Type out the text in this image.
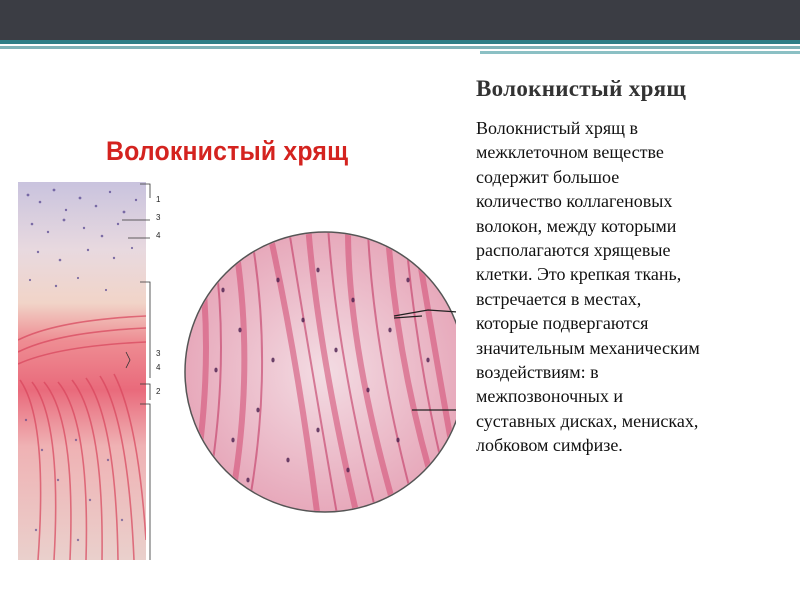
1
3
4
3
4
2
Волокнистый хрящ
Волокнистый хрящ
Волокнистый хрящ в
межклеточном веществе
содержит большое
количество коллагеновых
волокон, между которыми
располагаются хрящевые
клетки. Это крепкая ткань,
встречается в местах,
которые подвергаются
значительным механическим
воздействиям: в
межпозвоночных и
суставных дисках, менисках,
лобковом симфизе.
